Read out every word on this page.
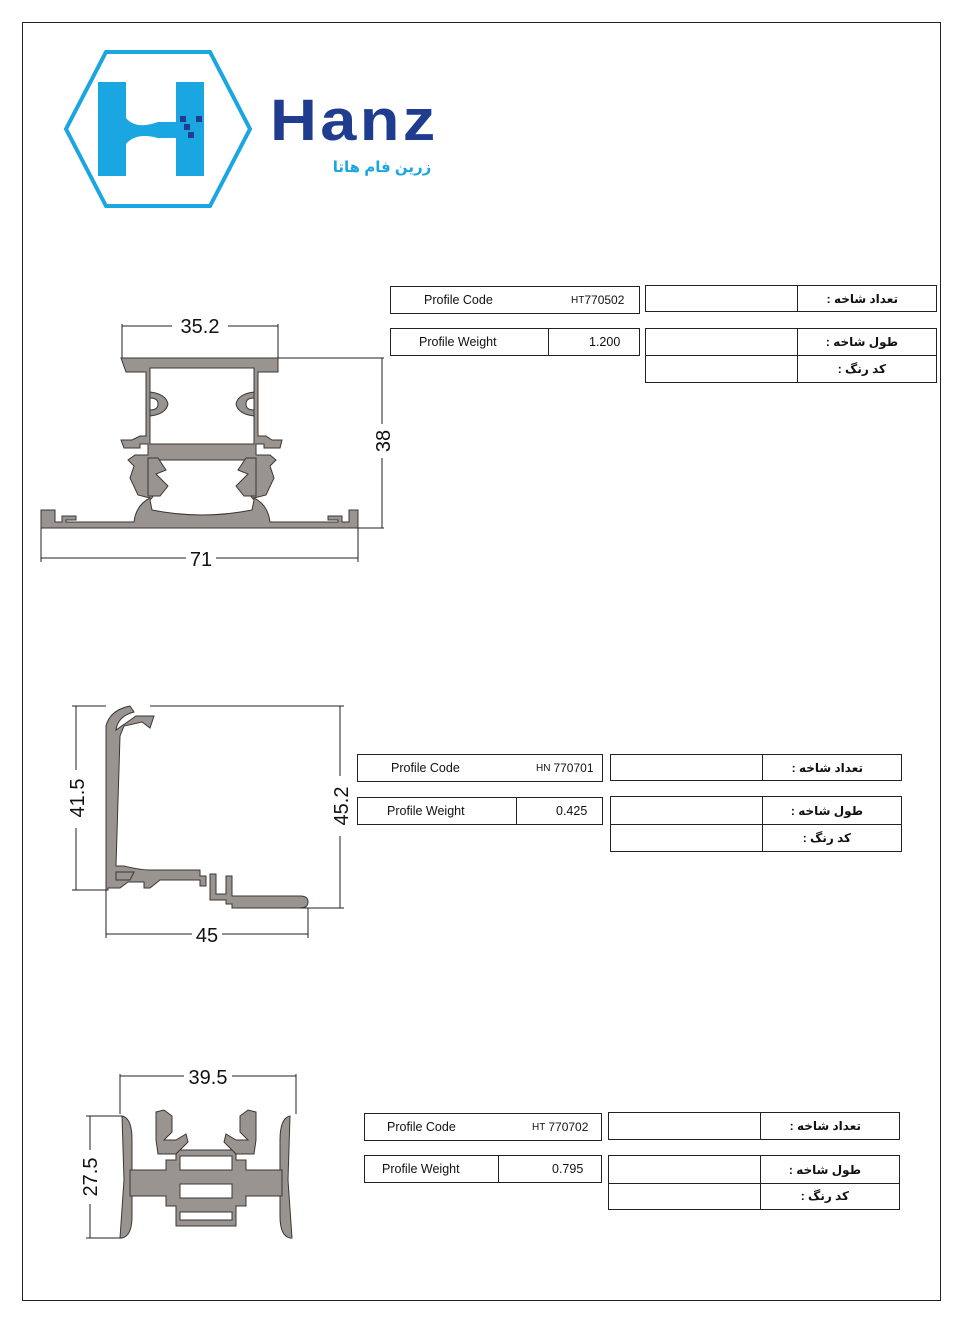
Hanz
زرین فام هاتا
35.2
38
71
41.5	45.2
45
39.5
27.5
Profile Code	HT 770502
Profile Weight	1.200
تعداد شاخه :
طول شاخه :
کد رنگ :
Profile Code	HN 770701
Profile Weight	0.425
تعداد شاخه :
طول شاخه :
کد رنگ :
Profile Code	HT 770702
Profile Weight	0.795
تعداد شاخه :
طول شاخه :
کد رنگ :
